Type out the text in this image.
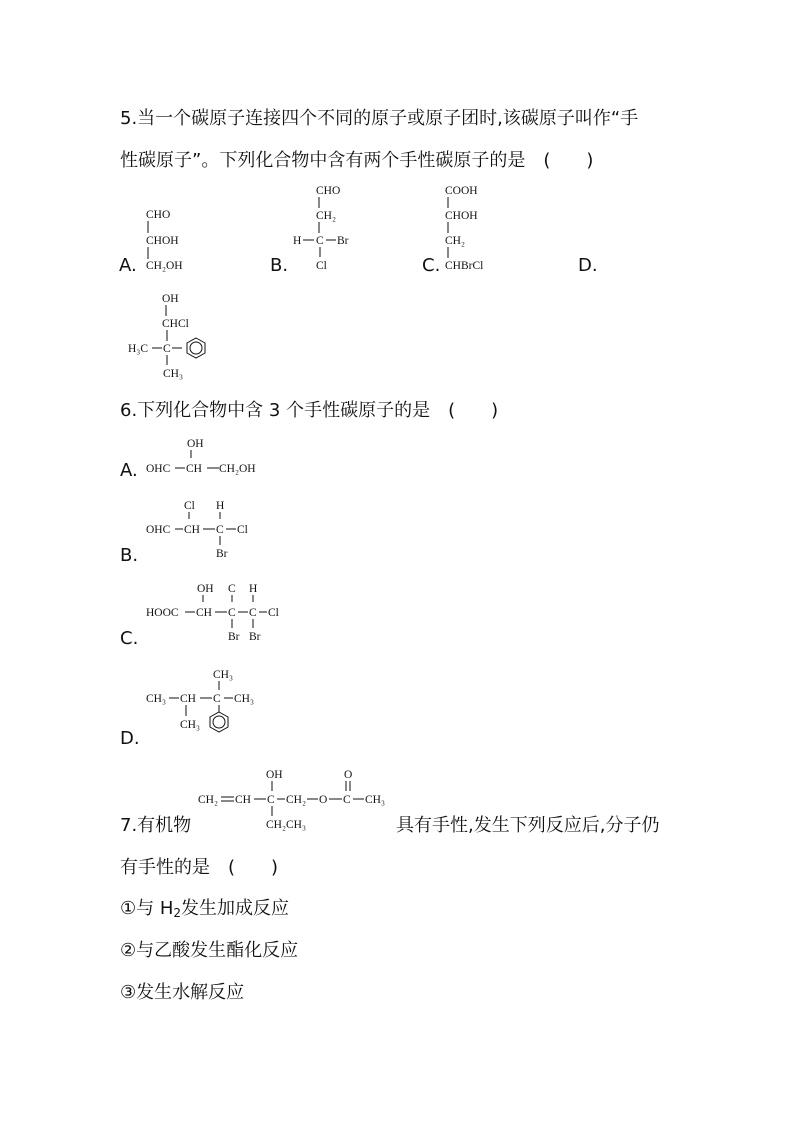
5.当一个碳原子连接四个不同的原子或原子团时,该碳原子叫作“手
性碳原子”。下列化合物中含有两个手性碳原子的是　(　　)
A.
CHO
CHOH
CH₂OH	B.
CHO
CH₂
H C Br
Cl	C.
COOH
CHOH
CH₂
CHBrCl	D.
OH
CHCl
H₃C C
CH₃
6.下列化合物中含 3 个手性碳原子的是　(　　)
A.
OH
OHC CH CH₂OH
B.
Cl H
OHC CH C Cl
Br
C.
OH C H
HOOC CH C C Cl
Br Br
D.
CH₃
CH₃ CH C CH₃
CH₃
OH	O
CH₂ CH C CH₂ O C CH₃
CH₂CH₃
7.有机物	具有手性,发生下列反应后,分子仍
有手性的是　(　　)
①与 $H_2$发生加成反应
②与乙酸发生酯化反应
③发生水解反应
